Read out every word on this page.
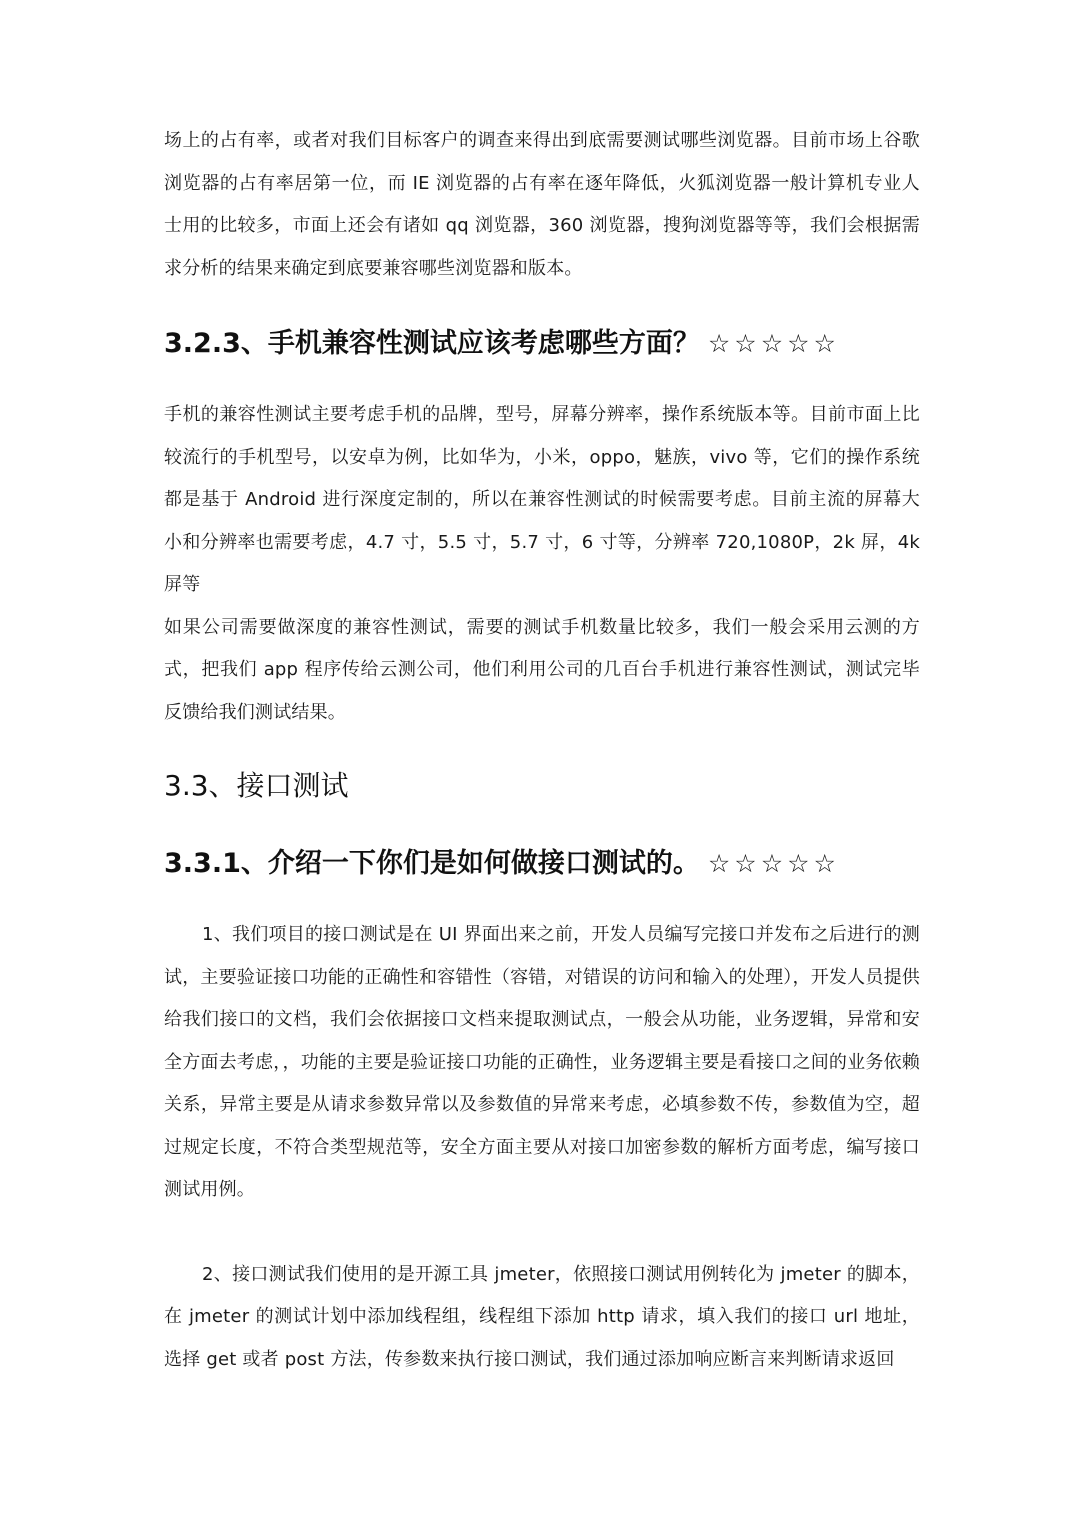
场上的占有率，或者对我们目标客户的调查来得出到底需要测试哪些浏览器。目前市场上谷歌浏览器的占有率居第一位，而 IE 浏览器的占有率在逐年降低，火狐浏览器一般计算机专业人士用的比较多，市面上还会有诸如 qq 浏览器，360 浏览器，搜狗浏览器等等，我们会根据需求分析的结果来确定到底要兼容哪些浏览器和版本。

3.2.3、手机兼容性测试应该考虑哪些方面？ ☆☆☆☆☆

手机的兼容性测试主要考虑手机的品牌，型号，屏幕分辨率，操作系统版本等。目前市面上比较流行的手机型号，以安卓为例，比如华为，小米，oppo，魅族，vivo 等，它们的操作系统都是基于 Android 进行深度定制的，所以在兼容性测试的时候需要考虑。目前主流的屏幕大小和分辨率也需要考虑，4.7 寸，5.5 寸，5.7 寸，6 寸等，分辨率 720,1080P，2k 屏，4k 屏等

如果公司需要做深度的兼容性测试，需要的测试手机数量比较多，我们一般会采用云测的方式，把我们 app 程序传给云测公司，他们利用公司的几百台手机进行兼容性测试，测试完毕反馈给我们测试结果。

3.3、接口测试
3.3.1、介绍一下你们是如何做接口测试的。 ☆☆☆☆☆

1、我们项目的接口测试是在 UI 界面出来之前，开发人员编写完接口并发布之后进行的测试，主要验证接口功能的正确性和容错性（容错，对错误的访问和输入的处理），开发人员提供给我们接口的文档，我们会依据接口文档来提取测试点，一般会从功能，业务逻辑，异常和安全方面去考虑，，功能的主要是验证接口功能的正确性，业务逻辑主要是看接口之间的业务依赖关系，异常主要是从请求参数异常以及参数值的异常来考虑，必填参数不传，参数值为空，超过规定长度，不符合类型规范等，安全方面主要从对接口加密参数的解析方面考虑，编写接口测试用例。

2、接口测试我们使用的是开源工具 jmeter，依照接口测试用例转化为 jmeter 的脚本，在 jmeter 的测试计划中添加线程组，线程组下添加 http 请求，填入我们的接口 url 地址，选择 get 或者 post 方法，传参数来执行接口测试，我们通过添加响应断言来判断请求返回
